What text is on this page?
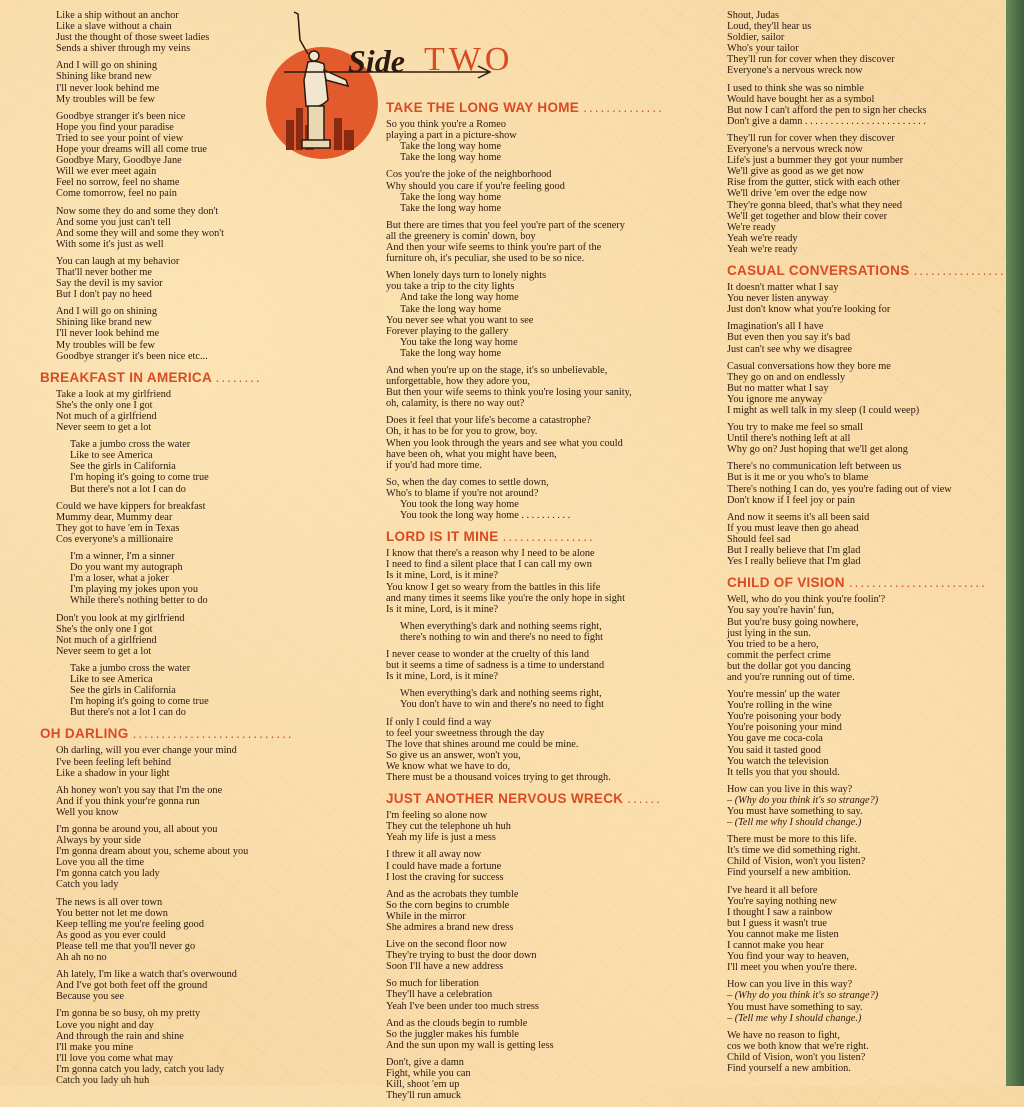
Side TWO
Like a ship without an anchor
Like a slave without a chain
Just the thought of those sweet ladies
Sends a shiver through my veins
And I will go on shining
Shining like brand new
I'll never look behind me
My troubles will be few
Goodbye stranger it's been nice
Hope you find your paradise
Tried to see your point of view
Hope your dreams will all come true
Goodbye Mary, Goodbye Jane
Will we ever meet again
Feel no sorrow, feel no shame
Come tomorrow, feel no pain
Now some they do and some they don't
And some you just can't tell
And some they will and some they won't
With some it's just as well
You can laugh at my behavior
That'll never bother me
Say the devil is my savior
But I don't pay no heed
And I will go on shining
Shining like brand new
I'll never look behind me
My troubles will be few
Goodbye stranger it's been nice etc...
BREAKFAST IN AMERICA ........
Take a look at my girlfriend
She's the only one I got
Not much of a girlfriend
Never seem to get a lot
Take a jumbo cross the water
Like to see America
See the girls in California
I'm hoping it's going to come true
But there's not a lot I can do
Could we have kippers for breakfast
Mummy dear, Mummy dear
They got to have 'em in Texas
Cos everyone's a millionaire
I'm a winner, I'm a sinner
Do you want my autograph
I'm a loser, what a joker
I'm playing my jokes upon you
While there's nothing better to do
Don't you look at my girlfriend
She's the only one I got
Not much of a girlfriend
Never seem to get a lot
Take a jumbo cross the water
Like to see America
See the girls in California
I'm hoping it's going to come true
But there's not a lot I can do
OH DARLING ............................
Oh darling, will you ever change your mind
I've been feeling left behind
Like a shadow in your light
Ah honey won't you say that I'm the one
And if you think your're gonna run
Well you know
I'm gonna be around you, all about you
Always by your side
I'm gonna dream about you, scheme about you
Love you all the time
I'm gonna catch you lady
Catch you lady
The news is all over town
You better not let me down
Keep telling me you're feeling good
As good as you ever could
Please tell me that you'll never go
Ah ah no no
Ah lately, I'm like a watch that's overwound
And I've got both feet off the ground
Because you see
I'm gonna be so busy, oh my pretty
Love you night and day
And through the rain and shine
I'll make you mine
I'll love you come what may
I'm gonna catch you lady, catch you lady
Catch you lady uh huh
TAKE THE LONG WAY HOME ..............
So you think you're a Romeo
playing a part in a picture-show
Take the long way home
Take the long way home
Cos you're the joke of the neighborhood
Why should you care if you're feeling good
Take the long way home
Take the long way home
But there are times that you feel you're part of the scenery
all the greenery is comin' down, boy
And then your wife seems to think you're part of the
furniture oh, it's peculiar, she used to be so nice.
When lonely days turn to lonely nights
you take a trip to the city lights
And take the long way home
Take the long way home
You never see what you want to see
Forever playing to the gallery
You take the long way home
Take the long way home
And when you're up on the stage, it's so unbelievable,
unforgettable, how they adore you,
But then your wife seems to think you're losing your sanity,
oh, calamity, is there no way out?
Does it feel that your life's become a catastrophe?
Oh, it has to be for you to grow, boy.
When you look through the years and see what you could
have been oh, what you might have been,
if you'd had more time.
So, when the day comes to settle down,
Who's to blame if you're not around?
You took the long way home
You took the long way home . . . . . . . . . .
LORD IS IT MINE ................
I know that there's a reason why I need to be alone
I need to find a silent place that I can call my own
Is it mine, Lord, is it mine?
You know I get so weary from the battles in this life
and many times it seems like you're the only hope in sight
Is it mine, Lord, is it mine?
When everything's dark and nothing seems right,
there's nothing to win and there's no need to fight
I never cease to wonder at the cruelty of this land
but it seems a time of sadness is a time to understand
Is it mine, Lord, is it mine?
When everything's dark and nothing seems right,
You don't have to win and there's no need to fight
If only I could find a way
to feel your sweetness through the day
The love that shines around me could be mine.
So give us an answer, won't you,
We know what we have to do,
There must be a thousand voices trying to get through.
JUST ANOTHER NERVOUS WRECK ......
I'm feeling so alone now
They cut the telephone uh huh
Yeah my life is just a mess
I threw it all away now
I could have made a fortune
I lost the craving for success
And as the acrobats they tumble
So the corn begins to crumble
While in the mirror
She admires a brand new dress
Live on the second floor now
They're trying to bust the door down
Soon I'll have a new address
So much for liberation
They'll have a celebration
Yeah I've been under too much stress
And as the clouds begin to rumble
So the juggler makes his fumble
And the sun upon my wall is getting less
Don't, give a damn
Fight, while you can
Kill, shoot 'em up
They'll run amuck
Shout, Judas
Loud, they'll hear us
Soldier, sailor
Who's your tailor
They'll run for cover when they discover
Everyone's a nervous wreck now
I used to think she was so nimble
Would have bought her as a symbol
But now I can't afford the pen to sign her checks
Don't give a damn . . . . . . . . . . . . . . . . . . . . . . . .
They'll run for cover when they discover
Everyone's a nervous wreck now
Life's just a bummer they got your number
We'll give as good as we get now
Rise from the gutter, stick with each other
We'll drive 'em over the edge now
They're gonna bleed, that's what they need
We'll get together and blow their cover
We're ready
Yeah we're ready
Yeah we're ready
CASUAL CONVERSATIONS ................
It doesn't matter what I say
You never listen anyway
Just don't know what you're looking for
Imagination's all I have
But even then you say it's bad
Just can't see why we disagree
Casual conversations how they bore me
They go on and on endlessly
But no matter what I say
You ignore me anyway
I might as well talk in my sleep (I could weep)
You try to make me feel so small
Until there's nothing left at all
Why go on? Just hoping that we'll get along
There's no communication left between us
But is it me or you who's to blame
There's nothing I can do, yes you're fading out of view
Don't know if I feel joy or pain
And now it seems it's all been said
If you must leave then go ahead
Should feel sad
But I really believe that I'm glad
Yes I really believe that I'm glad
CHILD OF VISION ........................
Well, who do you think you're foolin'?
You say you're havin' fun,
But you're busy going nowhere,
just lying in the sun.
You tried to be a hero,
commit the perfect crime
but the dollar got you dancing
and you're running out of time.
You're messin' up the water
You're rolling in the wine
You're poisoning your body
You're poisoning your mind
You gave me coca-cola
You said it tasted good
You watch the television
It tells you that you should.
How can you live in this way?
– (Why do you think it's so strange?)
You must have something to say.
– (Tell me why I should change.)
There must be more to this life.
It's time we did something right.
Child of Vision, won't you listen?
Find yourself a new ambition.
I've heard it all before
You're saying nothing new
I thought I saw a rainbow
but I guess it wasn't true
You cannot make me listen
I cannot make you hear
You find your way to heaven,
I'll meet you when you're there.
How can you live in this way?
– (Why do you think it's so strange?)
You must have something to say.
– (Tell me why I should change.)
We have no reason to fight,
cos we both know that we're right.
Child of Vision, won't you listen?
Find yourself a new ambition.
